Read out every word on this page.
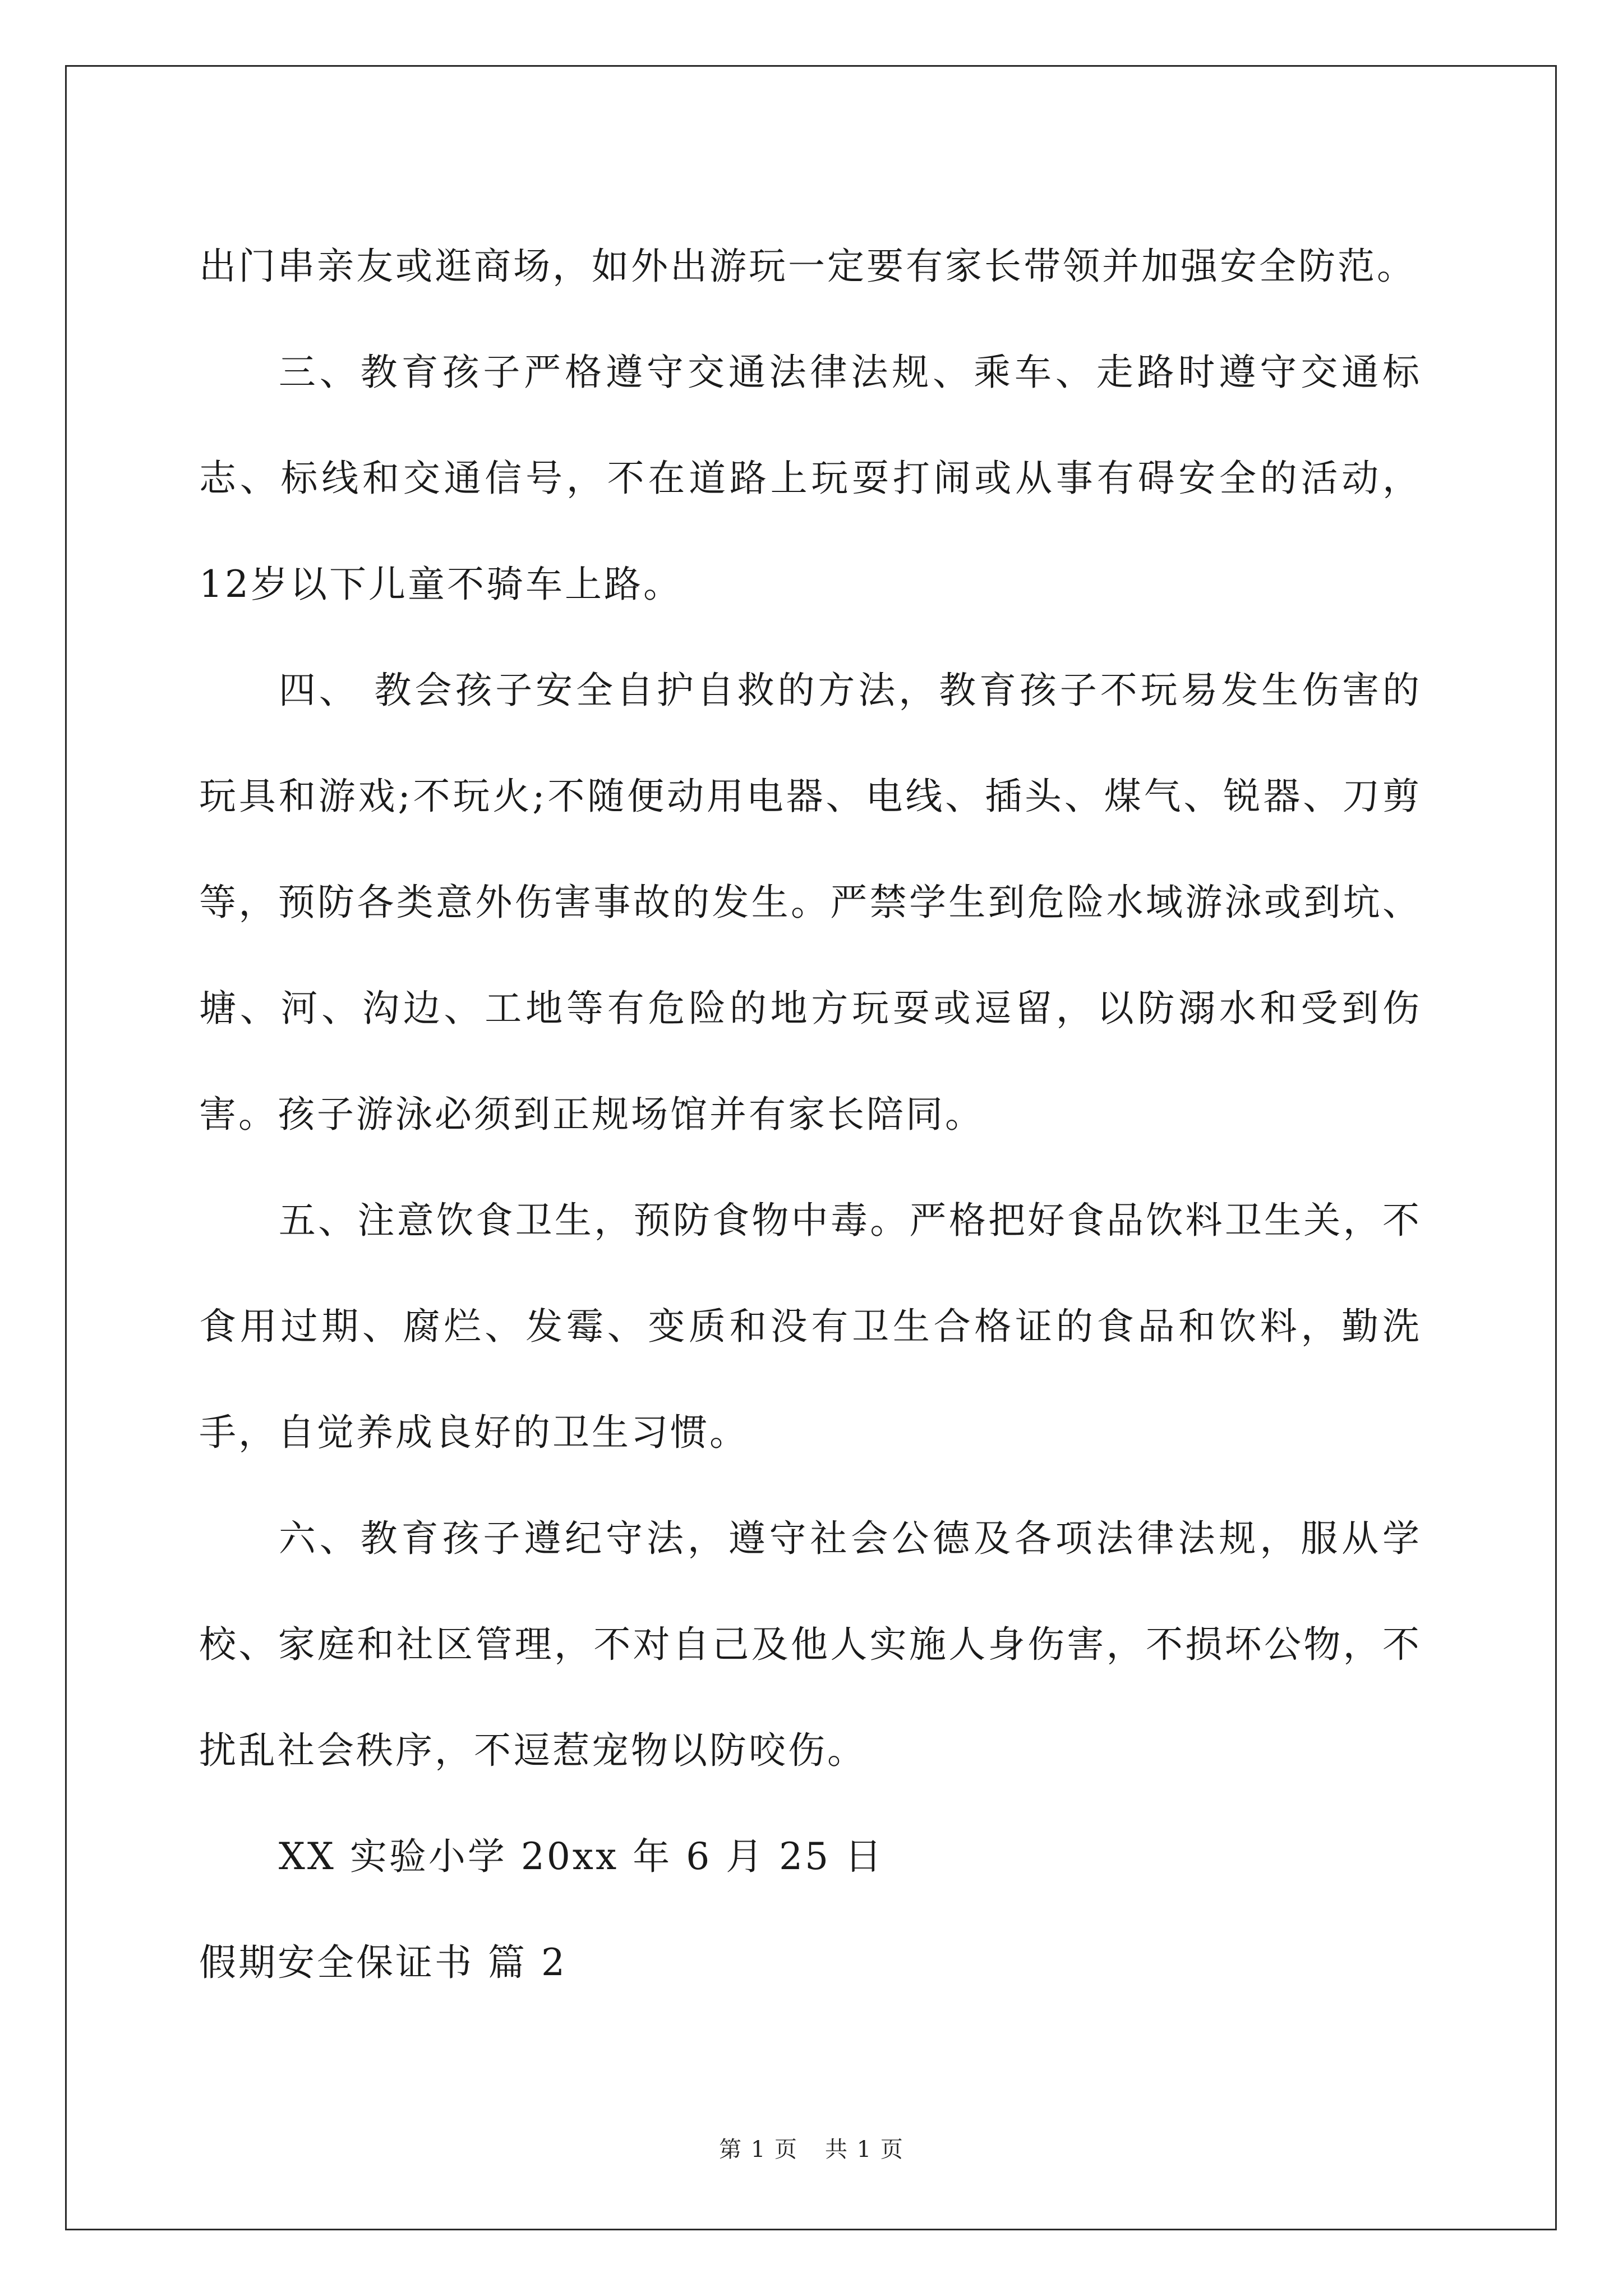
出门串亲友或逛商场，如外出游玩一定要有家长带领并加强安全防范。

三、教育孩子严格遵守交通法律法规、乘车、走路时遵守交通标志、标线和交通信号，不在道路上玩耍打闹或从事有碍安全的活动，12岁以下儿童不骑车上路。

四、 教会孩子安全自护自救的方法，教育孩子不玩易发生伤害的玩具和游戏;不玩火;不随便动用电器、电线、插头、煤气、锐器、刀剪等，预防各类意外伤害事故的发生。严禁学生到危险水域游泳或到坑、塘、河、沟边、工地等有危险的地方玩耍或逗留，以防溺水和受到伤害。孩子游泳必须到正规场馆并有家长陪同。

五、注意饮食卫生，预防食物中毒。严格把好食品饮料卫生关，不食用过期、腐烂、发霉、变质和没有卫生合格证的食品和饮料，勤洗手，自觉养成良好的卫生习惯。

六、教育孩子遵纪守法，遵守社会公德及各项法律法规，服从学校、家庭和社区管理，不对自己及他人实施人身伤害，不损坏公物，不扰乱社会秩序，不逗惹宠物以防咬伤。

XX 实验小学 20xx 年 6 月 25 日

假期安全保证书 篇 2

第 1 页 共 1 页
